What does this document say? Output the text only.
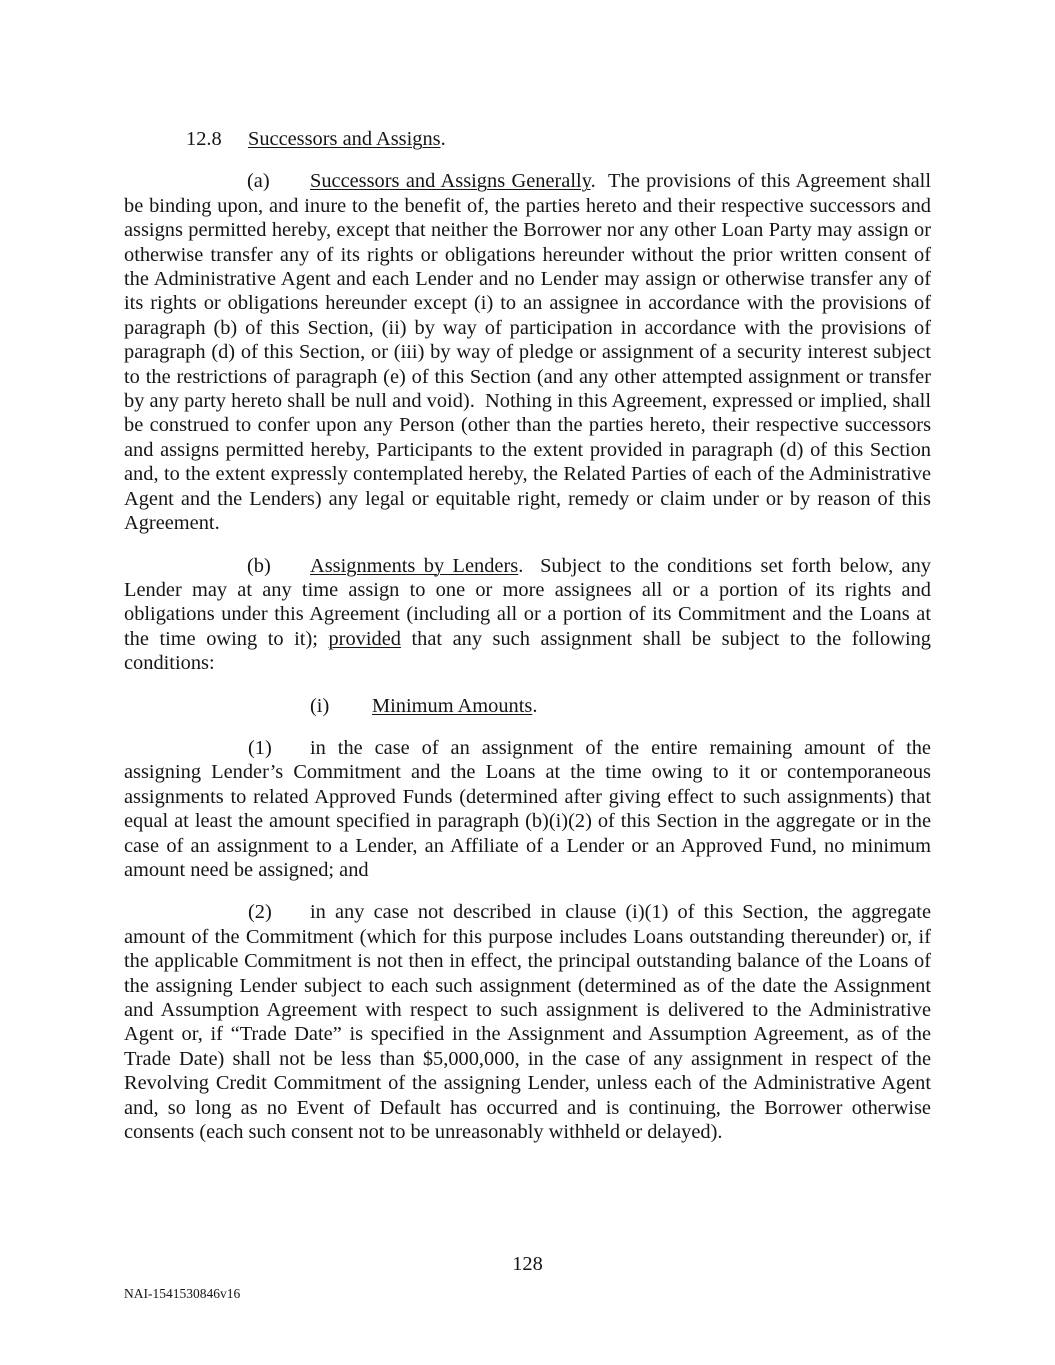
12.8 Successors and Assigns.

(a) Successors and Assigns Generally.  The provisions of this Agreement shall be binding upon, and inure to the benefit of, the parties hereto and their respective successors and assigns permitted hereby, except that neither the Borrower nor any other Loan Party may assign or otherwise transfer any of its rights or obligations hereunder without the prior written consent of the Administrative Agent and each Lender and no Lender may assign or otherwise transfer any of its rights or obligations hereunder except (i) to an assignee in accordance with the provisions of paragraph (b) of this Section, (ii) by way of participation in accordance with the provisions of paragraph (d) of this Section, or (iii) by way of pledge or assignment of a security interest subject to the restrictions of paragraph (e) of this Section (and any other attempted assignment or transfer by any party hereto shall be null and void).  Nothing in this Agreement, expressed or implied, shall be construed to confer upon any Person (other than the parties hereto, their respective successors and assigns permitted hereby, Participants to the extent provided in paragraph (d) of this Section and, to the extent expressly contemplated hereby, the Related Parties of each of the Administrative Agent and the Lenders) any legal or equitable right, remedy or claim under or by reason of this Agreement.

(b) Assignments by Lenders.  Subject to the conditions set forth below, any Lender may at any time assign to one or more assignees all or a portion of its rights and obligations under this Agreement (including all or a portion of its Commitment and the Loans at the time owing to it); provided that any such assignment shall be subject to the following conditions:

(i) Minimum Amounts.

(1) in the case of an assignment of the entire remaining amount of the assigning Lender’s Commitment and the Loans at the time owing to it or contemporaneous assignments to related Approved Funds (determined after giving effect to such assignments) that equal at least the amount specified in paragraph (b)(i)(2) of this Section in the aggregate or in the case of an assignment to a Lender, an Affiliate of a Lender or an Approved Fund, no minimum amount need be assigned; and

(2) in any case not described in clause (i)(1) of this Section, the aggregate amount of the Commitment (which for this purpose includes Loans outstanding thereunder) or, if the applicable Commitment is not then in effect, the principal outstanding balance of the Loans of the assigning Lender subject to each such assignment (determined as of the date the Assignment and Assumption Agreement with respect to such assignment is delivered to the Administrative Agent or, if “Trade Date” is specified in the Assignment and Assumption Agreement, as of the Trade Date) shall not be less than $5,000,000, in the case of any assignment in respect of the Revolving Credit Commitment of the assigning Lender, unless each of the Administrative Agent and, so long as no Event of Default has occurred and is continuing, the Borrower otherwise consents (each such consent not to be unreasonably withheld or delayed).

128
NAI-1541530846v16
